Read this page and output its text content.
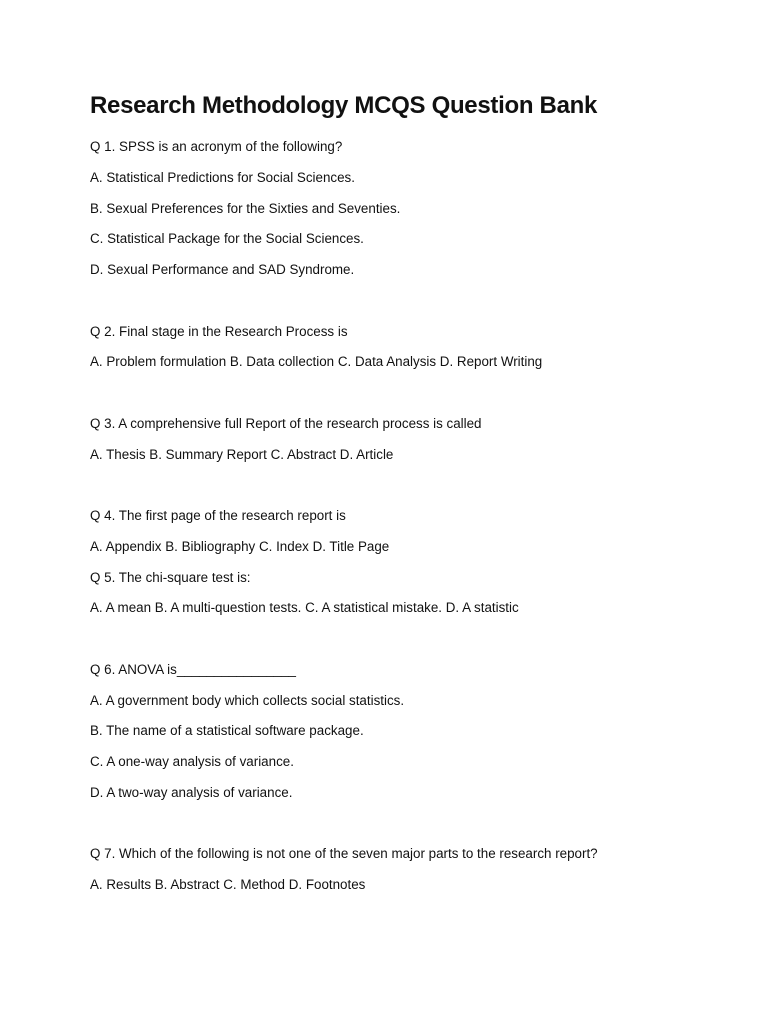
Research Methodology MCQS Question Bank

Q 1. SPSS is an acronym of the following?

A. Statistical Predictions for Social Sciences.

B. Sexual Preferences for the Sixties and Seventies.

C. Statistical Package for the Social Sciences.

D. Sexual Performance and SAD Syndrome.

Q 2. Final stage in the Research Process is

A. Problem formulation B. Data collection C. Data Analysis D. Report Writing

Q 3. A comprehensive full Report of the research process is called

A. Thesis B. Summary Report C. Abstract D. Article

Q 4. The first page of the research report is

A. Appendix B. Bibliography C. Index D. Title Page

Q 5. The chi-square test is:

A. A mean B. A multi-question tests. C. A statistical mistake. D. A statistic

Q 6. ANOVA is________________

A. A government body which collects social statistics.

B. The name of a statistical software package.

C. A one-way analysis of variance.

D. A two-way analysis of variance.

Q 7. Which of the following is not one of the seven major parts to the research report?

A. Results B. Abstract C. Method D. Footnotes
